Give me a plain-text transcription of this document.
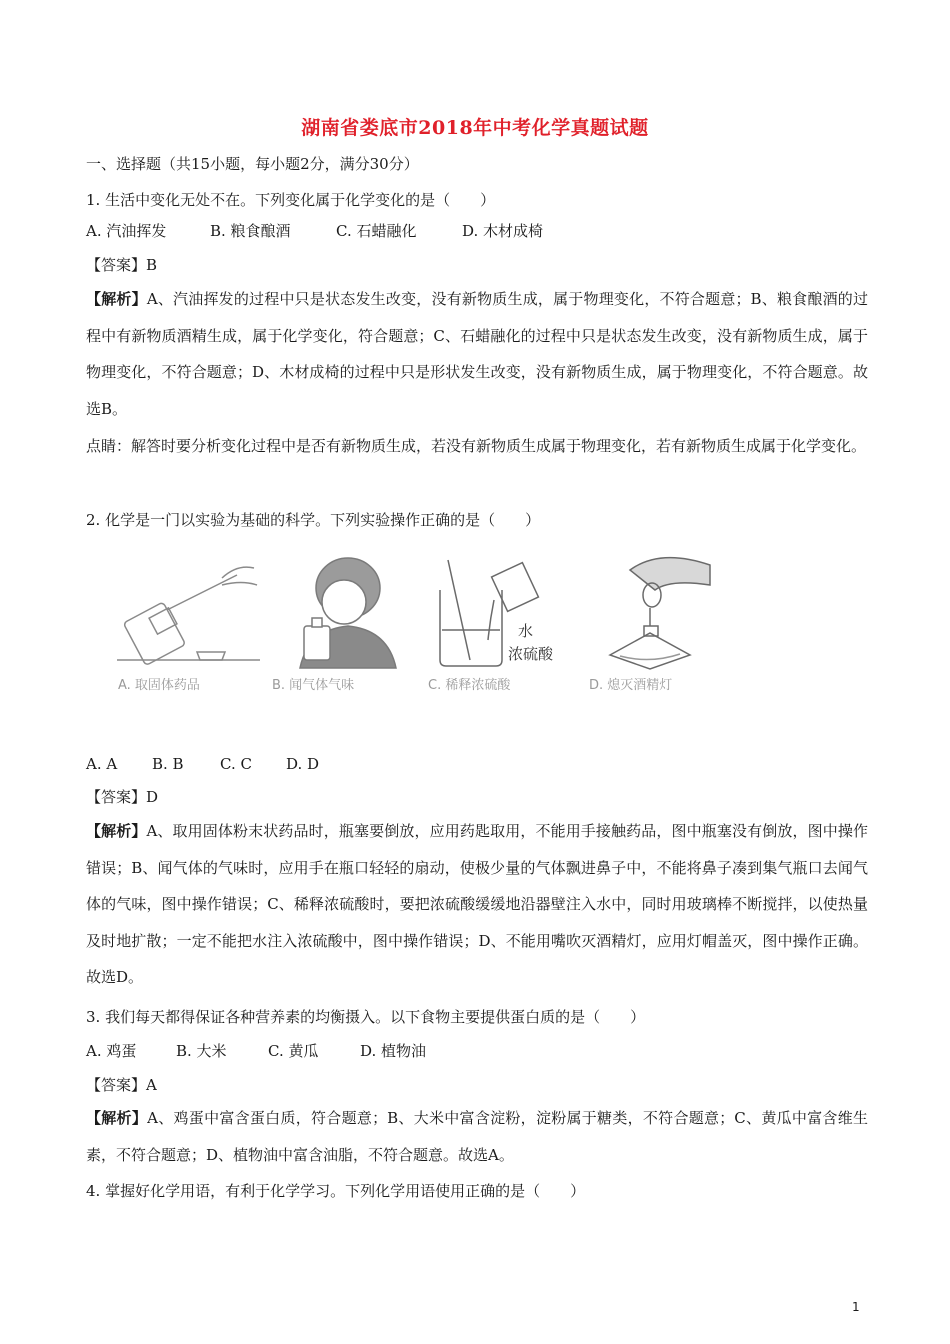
湖南省娄底市2018年中考化学真题试题
一、选择题（共15小题，每小题2分，满分30分）
1. 生活中变化无处不在。下列变化属于化学变化的是（　　）
A. 汽油挥发	B. 粮食酿酒	C. 石蜡融化	D. 木材成椅
【答案】B
【解析】A、汽油挥发的过程中只是状态发生改变，没有新物质生成，属于物理变化，不符合题意；B、粮食酿酒的过程中有新物质酒精生成，属于化学变化，符合题意；C、石蜡融化的过程中只是状态发生改变，没有新物质生成，属于物理变化，不符合题意；D、木材成椅的过程中只是形状发生改变，没有新物质生成，属于物理变化，不符合题意。故选B。
点睛：解答时要分析变化过程中是否有新物质生成，若没有新物质生成属于物理变化，若有新物质生成属于化学变化。
2. 化学是一门以实验为基础的科学。下列实验操作正确的是（　　）
A. 取固体药品	B. 闻气体气味
水
浓硫酸
C. 稀释浓硫酸	D. 熄灭酒精灯
A. A B. B C. C D. D
【答案】D
【解析】A、取用固体粉末状药品时，瓶塞要倒放，应用药匙取用，不能用手接触药品，图中瓶塞没有倒放，图中操作错误；B、闻气体的气味时，应用手在瓶口轻轻的扇动，使极少量的气体飘进鼻子中，不能将鼻子凑到集气瓶口去闻气体的气味，图中操作错误；C、稀释浓硫酸时，要把浓硫酸缓缓地沿器壁注入水中，同时用玻璃棒不断搅拌，以使热量及时地扩散；一定不能把水注入浓硫酸中，图中操作错误；D、不能用嘴吹灭酒精灯，应用灯帽盖灭，图中操作正确。故选D。
3. 我们每天都得保证各种营养素的均衡摄入。以下食物主要提供蛋白质的是（　　）
A. 鸡蛋	B. 大米	C. 黄瓜	D. 植物油
【答案】A
【解析】A、鸡蛋中富含蛋白质，符合题意；B、大米中富含淀粉，淀粉属于糖类，不符合题意；C、黄瓜中富含维生素，不符合题意；D、植物油中富含油脂，不符合题意。故选A。
4. 掌握好化学用语，有利于化学学习。下列化学用语使用正确的是（　　）
1
